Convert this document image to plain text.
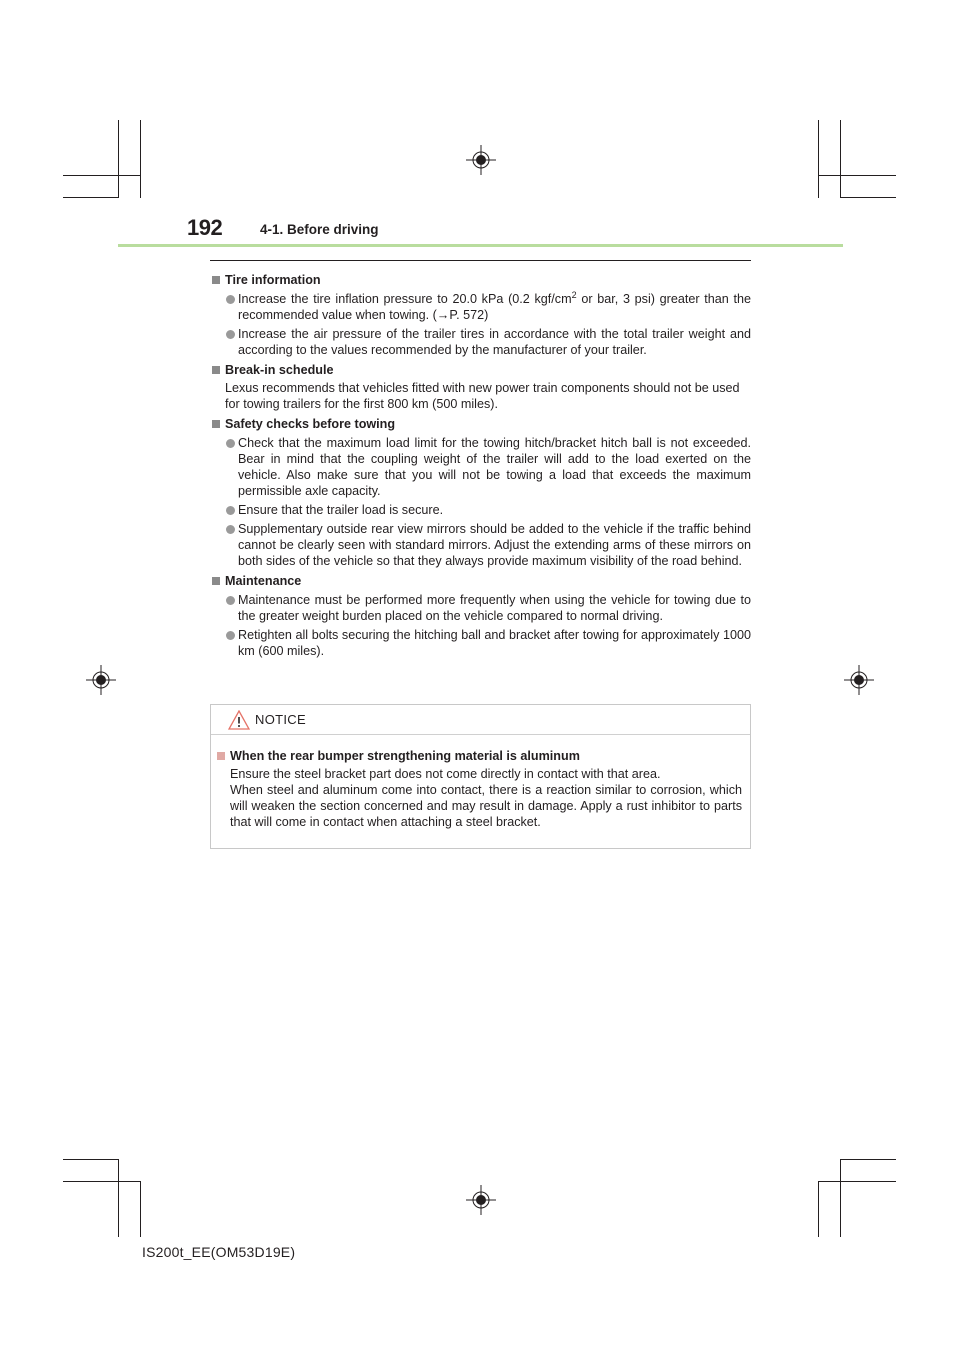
192	4-1. Before driving
Tire information
Increase the tire inflation pressure to 20.0 kPa (0.2 kgf/$cm^2$ or bar, 3 psi) greater than the recommended value when towing. (→P. 572)
Increase the air pressure of the trailer tires in accordance with the total trailer weight and according to the values recommended by the manufacturer of your trailer.
Break-in schedule
Lexus recommends that vehicles fitted with new power train components should not be used for towing trailers for the first 800 km (500 miles).
Safety checks before towing
Check that the maximum load limit for the towing hitch/bracket hitch ball is not exceeded. Bear in mind that the coupling weight of the trailer will add to the load exerted on the vehicle. Also make sure that you will not be towing a load that exceeds the maximum permissible axle capacity.
Ensure that the trailer load is secure.
Supplementary outside rear view mirrors should be added to the vehicle if the traffic behind cannot be clearly seen with standard mirrors. Adjust the extending arms of these mirrors on both sides of the vehicle so that they always provide maximum visibility of the road behind.
Maintenance
Maintenance must be performed more frequently when using the vehicle for towing due to the greater weight burden placed on the vehicle compared to normal driving.
Retighten all bolts securing the hitching ball and bracket after towing for approximately 1000 km (600 miles).
NOTICE
When the rear bumper strengthening material is aluminum
Ensure the steel bracket part does not come directly in contact with that area.
When steel and aluminum come into contact, there is a reaction similar to corrosion, which will weaken the section concerned and may result in damage. Apply a rust inhibitor to parts that will come in contact when attaching a steel bracket.
IS200t_EE(OM53D19E)
